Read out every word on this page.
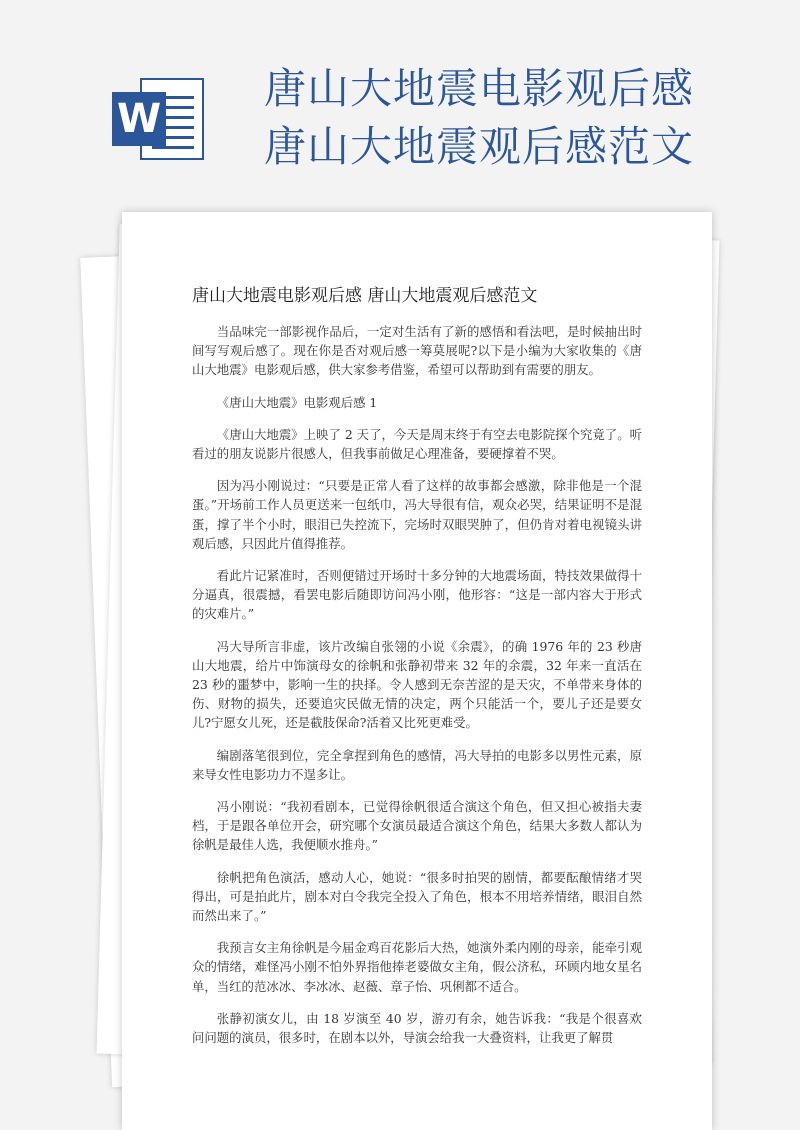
W
唐山大地震电影观后感
唐山大地震观后感范文
唐山大地震电影观后感 唐山大地震观后感范文

当品味完一部影视作品后，一定对生活有了新的感悟和看法吧，是时候抽出时间写写观后感了。现在你是否对观后感一筹莫展呢?以下是小编为大家收集的《唐山大地震》电影观后感，供大家参考借鉴，希望可以帮助到有需要的朋友。

《唐山大地震》电影观后感 1

《唐山大地震》上映了 2 天了，今天是周末终于有空去电影院探个究竟了。听看过的朋友说影片很感人，但我事前做足心理准备，要硬撑着不哭。

因为冯小刚说过：“只要是正常人看了这样的故事都会感激，除非他是一个混蛋。”开场前工作人员更送来一包纸巾，冯大导很有信，观众必哭，结果证明不是混蛋，撑了半个小时，眼泪已失控流下，完场时双眼哭肿了，但仍肯对着电视镜头讲观后感，只因此片值得推荐。

看此片记紧准时，否则便错过开场时十多分钟的大地震场面，特技效果做得十分逼真，很震撼，看罢电影后随即访问冯小刚，他形容：“这是一部内容大于形式的灾难片。”

冯大导所言非虚，该片改编自张翎的小说《余震》，的确 1976 年的 23 秒唐山大地震，给片中饰演母女的徐帆和张静初带来 32 年的余震，32 年来一直活在 23 秒的噩梦中，影响一生的抉择。令人感到无奈苦涩的是天灾，不单带来身体的伤、财物的损失，还要追灾民做无情的决定，两个只能活一个，要儿子还是要女儿?宁愿女儿死，还是截肢保命?活着又比死更难受。

编剧落笔很到位，完全拿捏到角色的感情，冯大导拍的电影多以男性元素，原来导女性电影功力不逞多让。

冯小刚说：“我初看剧本，已觉得徐帆很适合演这个角色，但又担心被指夫妻档，于是跟各单位开会，研究哪个女演员最适合演这个角色，结果大多数人都认为徐帆是最佳人选，我便顺水推舟。”

徐帆把角色演活，感动人心，她说：“很多时拍哭的剧情，都要酝酿情绪才哭得出，可是拍此片，剧本对白令我完全投入了角色，根本不用培养情绪，眼泪自然而然出来了。”

我预言女主角徐帆是今届金鸡百花影后大热，她演外柔内刚的母亲，能牵引观众的情绪，难怪冯小刚不怕外界指他捧老婆做女主角，假公济私，环顾内地女星名单，当红的范冰冰、李冰冰、赵薇、章子怡、巩俐都不适合。

张静初演女儿，由 18 岁演至 40 岁，游刃有余，她告诉我：“我是个很喜欢问问题的演员，很多时，在剧本以外，导演会给我一大叠资料，让我更了解贯
